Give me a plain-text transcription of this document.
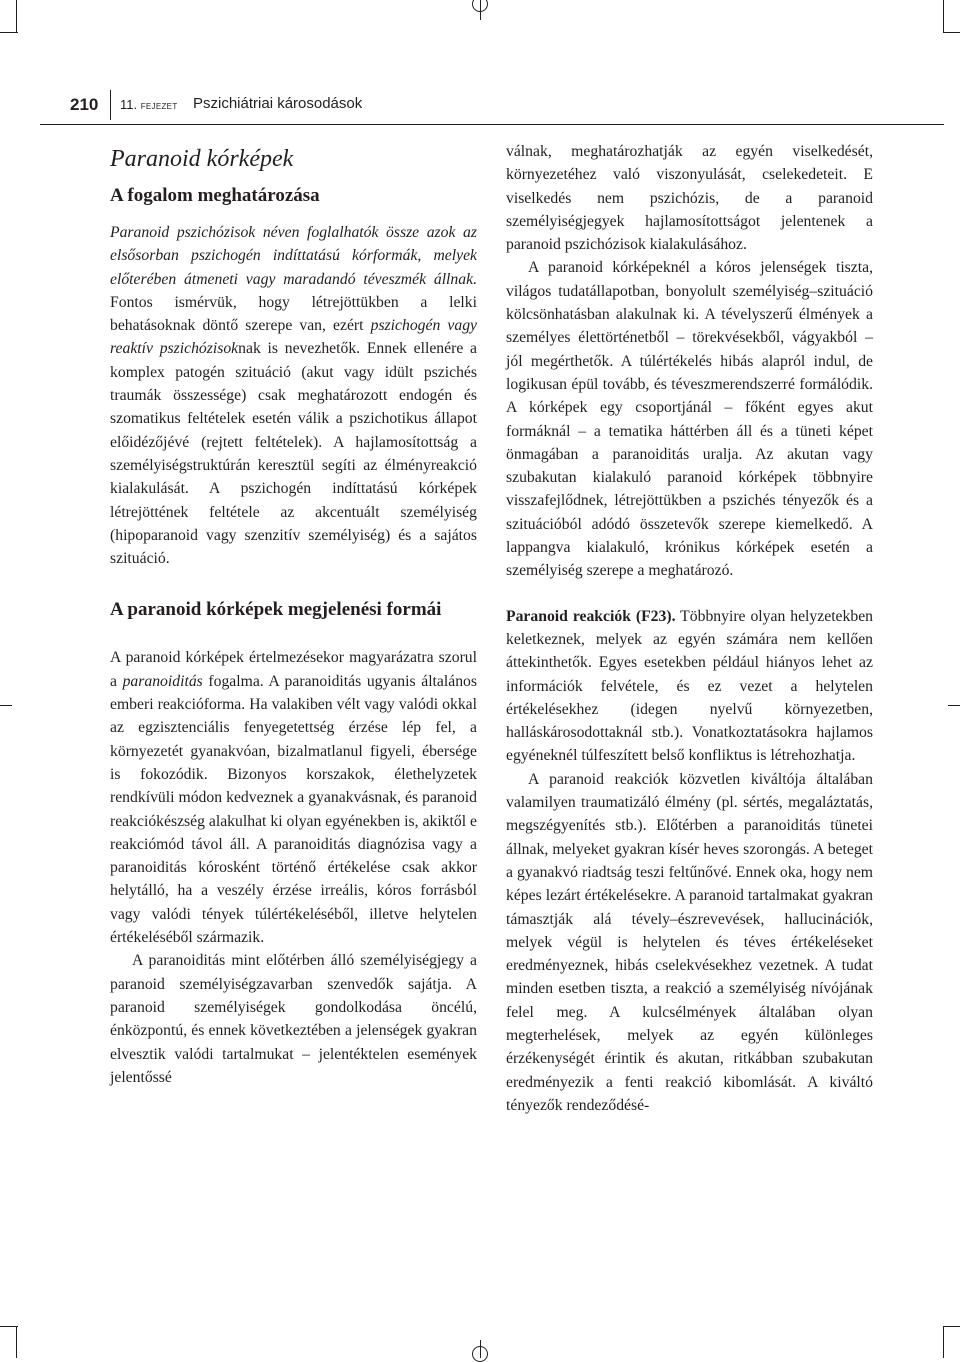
210 11. FEJEZET Pszichiátriai károsodások
Paranoid kórképek
A fogalom meghatározása

Paranoid pszichózisok néven foglalhatók össze azok az elsősorban pszichogén indíttatású kórformák, melyek előterében átmeneti vagy maradandó téveszmék állnak. Fontos ismérvük, hogy létrejöttükben a lelki behatásoknak döntő szerepe van, ezért pszichogén vagy reaktív pszichózisoknak is nevezhetők. Ennek ellenére a komplex patogén szituáció (akut vagy idült pszichés traumák összessége) csak meghatározott endogén és szomatikus feltételek esetén válik a pszichotikus állapot előidézőjévé (rejtett feltételek). A hajlamosítottság a személyiségstruktúrán keresztül segíti az élményreakció kialakulását. A pszichogén indíttatású kórképek létrejöttének feltétele az akcentuált személyiség (hipoparanoid vagy szenzitív személyiség) és a sajátos szituáció.

A paranoid kórképek megjelenési formái

A paranoid kórképek értelmezésekor magyarázatra szorul a paranoiditás fogalma. A paranoiditás ugyanis általános emberi reakcióforma. Ha valakiben vélt vagy valódi okkal az egzisztenciális fenyegetettség érzése lép fel, a környezetét gyanakvóan, bizalmatlanul figyeli, ébersége is fokozódik. Bizonyos korszakok, élethelyzetek rendkívüli módon kedveznek a gyanakvásnak, és paranoid reakciókészség alakulhat ki olyan egyénekben is, akiktől e reakciómód távol áll. A paranoiditás diagnózisa vagy a paranoiditás kórosként történő értékelése csak akkor helytálló, ha a veszély érzése irreális, kóros forrásból vagy valódi tények túlértékeléséből, illetve helytelen értékeléséből származik.

A paranoiditás mint előtérben álló személyiségjegy a paranoid személyiségzavarban szenvedők sajátja. A paranoid személyiségek gondolkodása öncélú, énközpontú, és ennek következtében a jelenségek gyakran elvesztik valódi tartalmukat – jelentéktelen események jelentőssé

válnak, meghatározhatják az egyén viselkedését, környezetéhez való viszonyulását, cselekedeteit. E viselkedés nem pszichózis, de a paranoid személyiségjegyek hajlamosítottságot jelentenek a paranoid pszichózisok kialakulásához.

A paranoid kórképeknél a kóros jelenségek tiszta, világos tudatállapotban, bonyolult személyiség–szituáció kölcsönhatásban alakulnak ki. A tévelyszerű élmények a személyes élettörténetből – törekvésekből, vágyakból – jól megérthetők. A túlértékelés hibás alapról indul, de logikusan épül tovább, és téveszmerendszerré formálódik. A kórképek egy csoportjánál – főként egyes akut formáknál – a tematika háttérben áll és a tüneti képet önmagában a paranoiditás uralja. Az akutan vagy szubakutan kialakuló paranoid kórképek többnyire visszafejlődnek, létrejöttükben a pszichés tényezők és a szituációból adódó összetevők szerepe kiemelkedő. A lappangva kialakuló, krónikus kórképek esetén a személyiség szerepe a meghatározó.

Paranoid reakciók (F23). Többnyire olyan helyzetekben keletkeznek, melyek az egyén számára nem kellően áttekinthetők. Egyes esetekben például hiányos lehet az információk felvétele, és ez vezet a helytelen értékelésekhez (idegen nyelvű környezetben, halláskárosodottaknál stb.). Vonatkoztatásokra hajlamos egyéneknél túlfeszített belső konfliktus is létrehozhatja.

A paranoid reakciók közvetlen kiváltója általában valamilyen traumatizáló élmény (pl. sértés, megaláztatás, megszégyenítés stb.). Előtérben a paranoiditás tünetei állnak, melyeket gyakran kísér heves szorongás. A beteget a gyanakvó riadtság teszi feltűnővé. Ennek oka, hogy nem képes lezárt értékelésekre. A paranoid tartalmakat gyakran támasztják alá tévely–észrevevések, hallucinációk, melyek végül is helytelen és téves értékeléseket eredményeznek, hibás cselekvésekhez vezetnek. A tudat minden esetben tiszta, a reakció a személyiség nívójának felel meg. A kulcsélmények általában olyan megterhelések, melyek az egyén különleges érzékenységét érintik és akutan, ritkábban szubakutan eredményezik a fenti reakció kibomlását. A kiváltó tényezők rendeződésé-
